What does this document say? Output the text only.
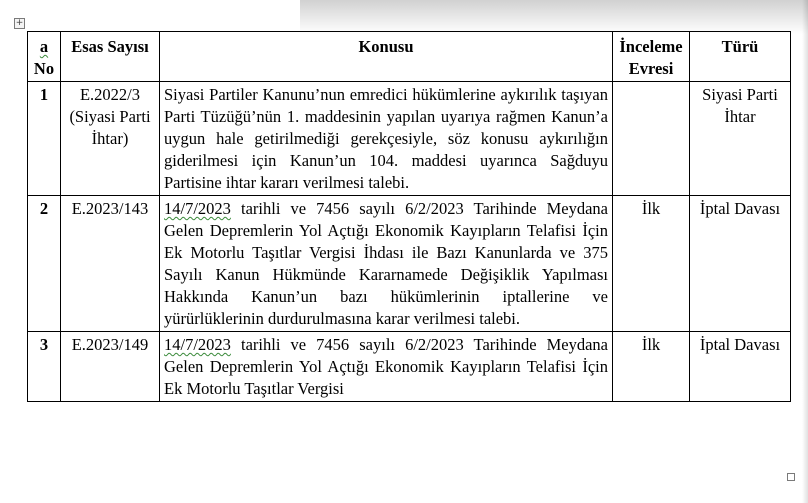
+
a
No	Esas Sayısı	Konusu	İnceleme Evresi	Türü
1	E.2022/3 (Siyasi Parti İhtar)	Siyasi Partiler Kanunu’nun emredici hükümlerine aykırılık taşıyan Parti Tüzüğü’nün 1. maddesinin yapılan uyarıya rağmen Kanun’a uygun hale getirilmediği gerekçesiyle, söz konusu aykırılığın giderilmesi için Kanun’un 104. maddesi uyarınca Sağduyu Partisine ihtar kararı verilmesi talebi.		Siyasi Parti İhtar
2	E.2023/143	14/7/2023 tarihli ve 7456 sayılı 6/2/2023 Tarihinde Meydana Gelen Depremlerin Yol Açtığı Ekonomik Kayıpların Telafisi İçin Ek Motorlu Taşıtlar Vergisi İhdası ile Bazı Kanunlarda ve 375 Sayılı Kanun Hükmünde Kararnamede Değişiklik Yapılması Hakkında Kanun’un bazı hükümlerinin iptallerine ve yürürlüklerinin durdurulmasına karar verilmesi talebi.	İlk	İptal Davası
3	E.2023/149	14/7/2023 tarihli ve 7456 sayılı 6/2/2023 Tarihinde Meydana Gelen Depremlerin Yol Açtığı Ekonomik Kayıpların Telafisi İçin Ek Motorlu Taşıtlar Vergisi	İlk	İptal Davası
